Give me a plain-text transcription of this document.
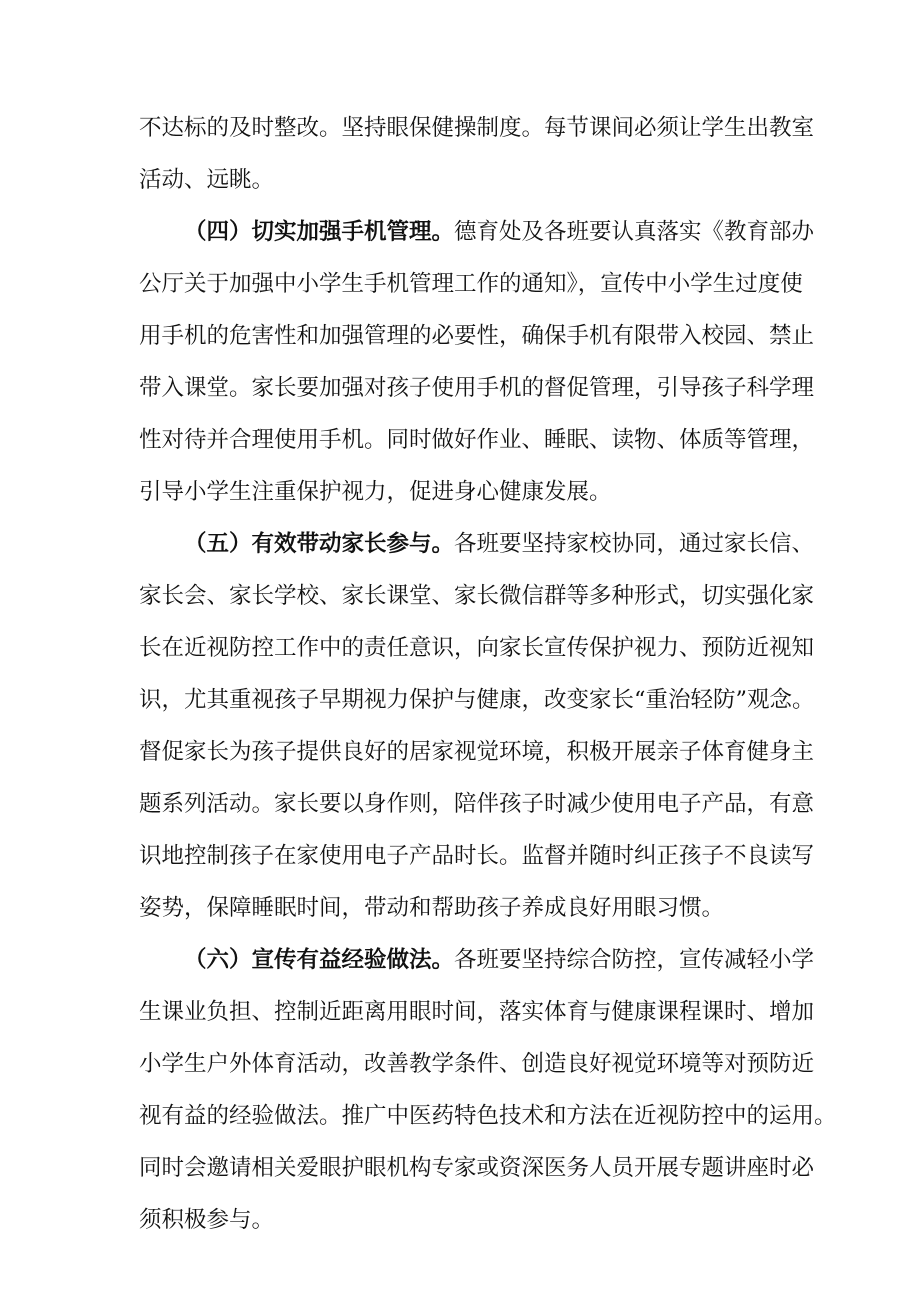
不达标的及时整改。坚持眼保健操制度。每节课间必须让学生出教室
活动、远眺。
（四）切实加强手机管理。德育处及各班要认真落实《教育部办
公厅关于加强中小学生手机管理工作的通知》，宣传中小学生过度使
用手机的危害性和加强管理的必要性，确保手机有限带入校园、禁止
带入课堂。家长要加强对孩子使用手机的督促管理，引导孩子科学理
性对待并合理使用手机。同时做好作业、睡眠、读物、体质等管理，
引导小学生注重保护视力，促进身心健康发展。
（五）有效带动家长参与。各班要坚持家校协同，通过家长信、
家长会、家长学校、家长课堂、家长微信群等多种形式，切实强化家
长在近视防控工作中的责任意识，向家长宣传保护视力、预防近视知
识，尤其重视孩子早期视力保护与健康，改变家长“重治轻防”观念。
督促家长为孩子提供良好的居家视觉环境，积极开展亲子体育健身主
题系列活动。家长要以身作则，陪伴孩子时减少使用电子产品，有意
识地控制孩子在家使用电子产品时长。监督并随时纠正孩子不良读写
姿势，保障睡眠时间，带动和帮助孩子养成良好用眼习惯。
（六）宣传有益经验做法。各班要坚持综合防控，宣传减轻小学
生课业负担、控制近距离用眼时间，落实体育与健康课程课时、增加
小学生户外体育活动，改善教学条件、创造良好视觉环境等对预防近
视有益的经验做法。推广中医药特色技术和方法在近视防控中的运用。
同时会邀请相关爱眼护眼机构专家或资深医务人员开展专题讲座时必
须积极参与。
